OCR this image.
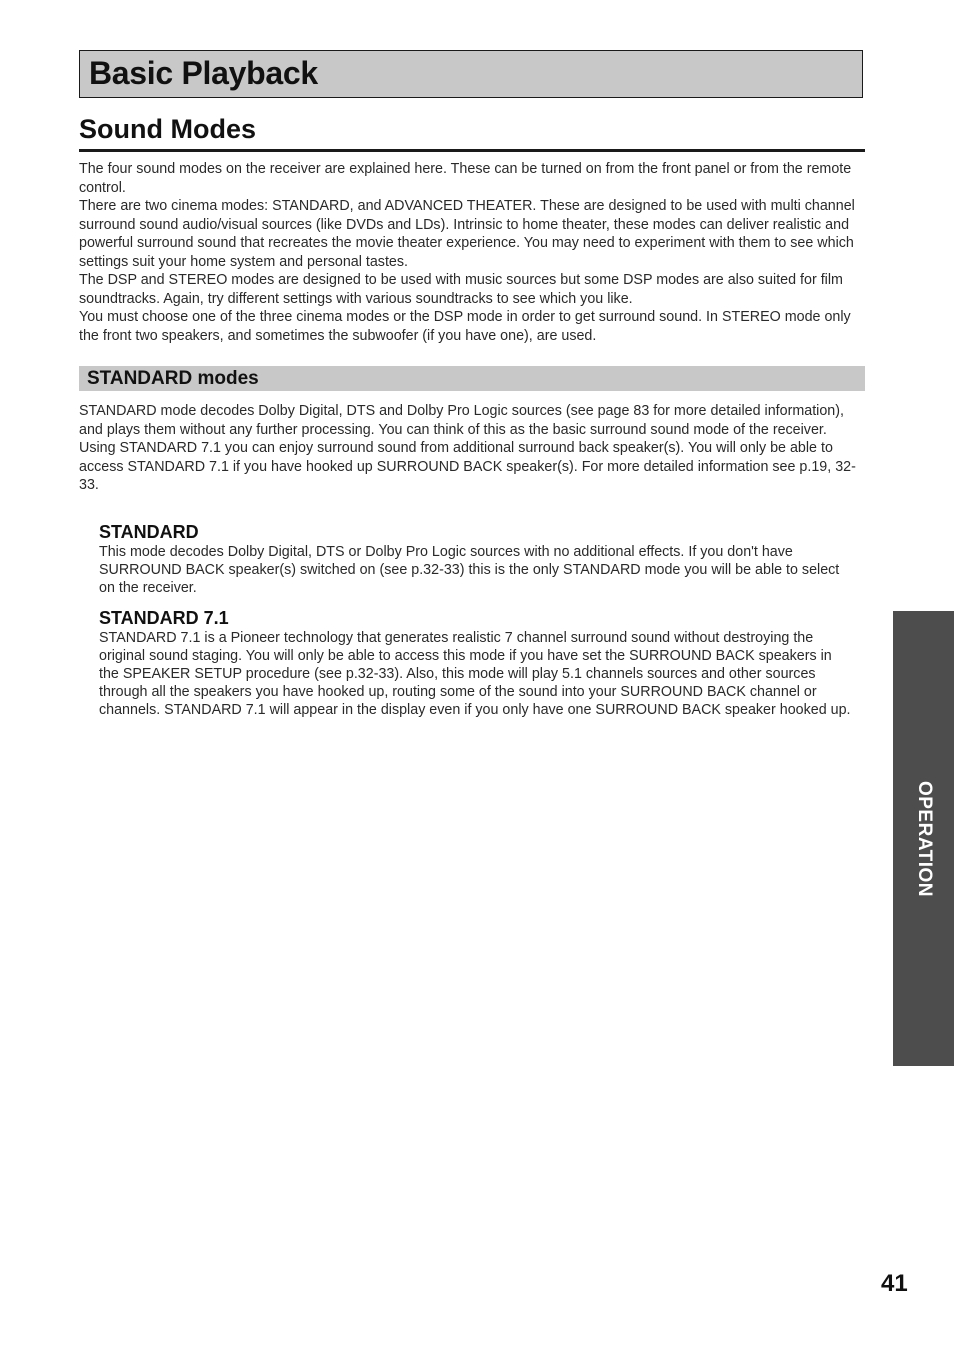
Basic Playback
Sound Modes

The four sound modes on the receiver are explained here. These can be turned on from the front panel or from the remote control.

There are two cinema modes: STANDARD, and ADVANCED THEATER. These are designed to be used with multi channel surround sound audio/visual sources (like DVDs and LDs). Intrinsic to home theater, these modes can deliver realistic and powerful surround sound that recreates the movie theater experience. You may need to experiment with them to see which settings suit your home system and personal tastes.

The DSP and STEREO modes are designed to be used with music sources but some DSP modes are also suited for film soundtracks. Again, try different settings with various soundtracks to see which you like.

You must choose one of the three cinema modes or the DSP mode in order to get surround sound. In STEREO mode only the front two speakers, and sometimes the subwoofer (if you have one), are used.

STANDARD modes

STANDARD mode decodes Dolby Digital, DTS and Dolby Pro Logic sources (see page 83 for more detailed information), and plays them without any further processing. You can think of this as the basic surround sound mode of the receiver.

Using STANDARD 7.1 you can enjoy surround sound from additional surround back speaker(s). You will only be able to access STANDARD 7.1 if you have hooked up SURROUND BACK speaker(s). For more detailed information see p.19, 32-33.

STANDARD

This mode decodes Dolby Digital, DTS or Dolby Pro Logic sources with no additional effects. If you don't have SURROUND BACK speaker(s) switched on (see p.32-33) this is the only STANDARD mode you will be able to select on the receiver.

STANDARD 7.1

STANDARD 7.1 is a Pioneer technology that generates realistic 7 channel surround sound without destroying the original sound staging. You will only be able to access this mode if you have set the SURROUND BACK speakers in the SPEAKER SETUP procedure (see p.32-33). Also, this mode will play 5.1 channels sources and other sources through all the speakers you have hooked up, routing some of the sound into your SURROUND BACK channel or channels. STANDARD 7.1 will appear in the display even if you only have one SURROUND BACK speaker hooked up.

OPERATION
41
